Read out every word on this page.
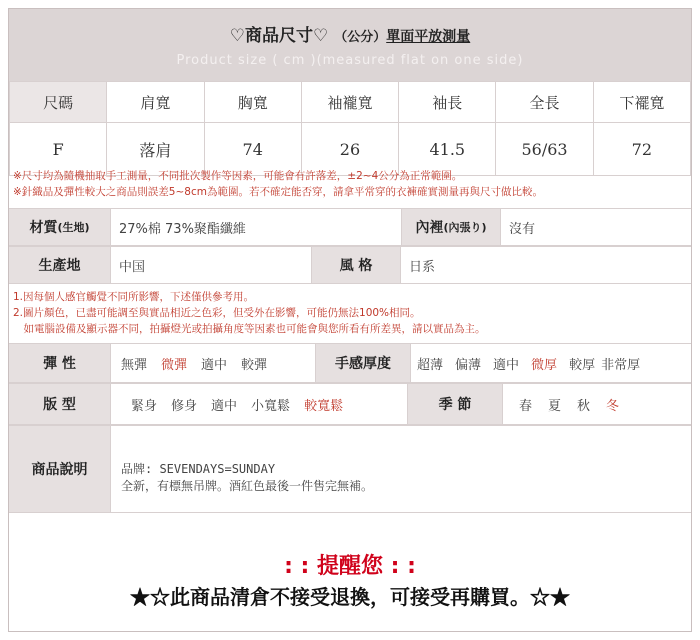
♡商品尺寸♡ （公分）單面平放測量
Product size ( cm )(measured flat on one side)
尺碼	肩寬	胸寬	袖襱寬	袖長	全長	下襬寬
F	落肩	74	26	41.5	56/63	72
※尺寸均為隨機抽取手工測量，不同批次製作等因素，可能會有許落差，±2~4公分為正常範圍。
※針織品及彈性較大之商品則誤差5~8cm為範圍。若不確定能否穿，請拿平常穿的衣褲確實測量再與尺寸做比較。
材質 (生地)	27%棉 73%聚酯纖維	內裡 (內張り)	沒有
生產地	中国	風 格	日系
1.因每個人感官觸覺不同所影響，下述僅供參考用。
2.圖片顏色，已盡可能調至與實品相近之色彩，但受外在影響，可能仍無法100%相同。
　如電腦設備及顯示器不同，拍攝燈光或拍攝角度等因素也可能會與您所看有所差異，請以實品為主。
彈 性	無彈 微彈 適中 較彈	手感厚度	超薄 偏薄 適中 微厚 較厚 非常厚
版 型	緊身 修身 適中 小寬鬆 較寬鬆	季 節	春 夏 秋 冬
商品說明	品牌: SEVENDAYS=SUNDAY
全新，有標無吊牌。酒紅色最後一件售完無補。
: : 提醒您 : :
★☆此商品清倉不接受退換，可接受再購買。☆★
